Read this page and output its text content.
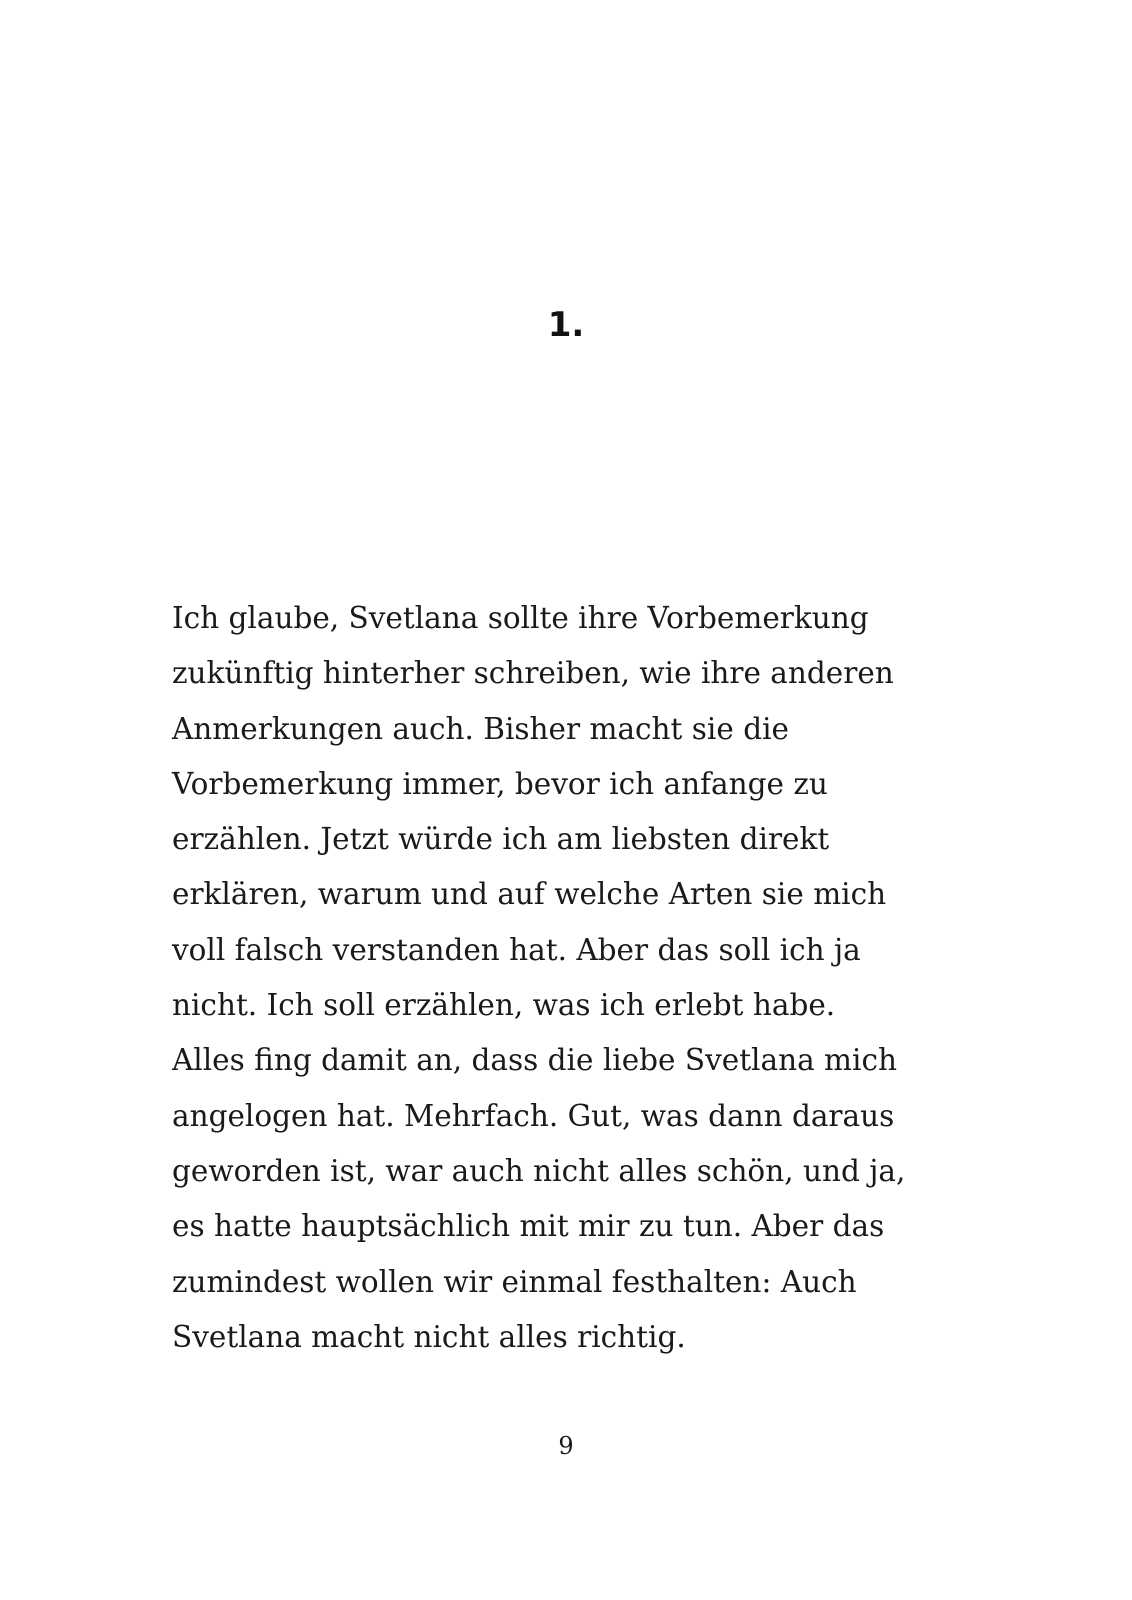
1.
Ich glaube, Svetlana sollte ihre Vorbemerkung
zukünftig hinterher schreiben, wie ihre anderen
Anmerkungen auch. Bisher macht sie die
Vorbemerkung immer, bevor ich anfange zu
erzählen. Jetzt würde ich am liebsten direkt
erklären, warum und auf welche Arten sie mich
voll falsch verstanden hat. Aber das soll ich ja
nicht. Ich soll erzählen, was ich erlebt habe.
Alles fing damit an, dass die liebe Svetlana mich
angelogen hat. Mehrfach. Gut, was dann daraus
geworden ist, war auch nicht alles schön, und ja,
es hatte hauptsächlich mit mir zu tun. Aber das
zumindest wollen wir einmal festhalten: Auch
Svetlana macht nicht alles richtig.
9
